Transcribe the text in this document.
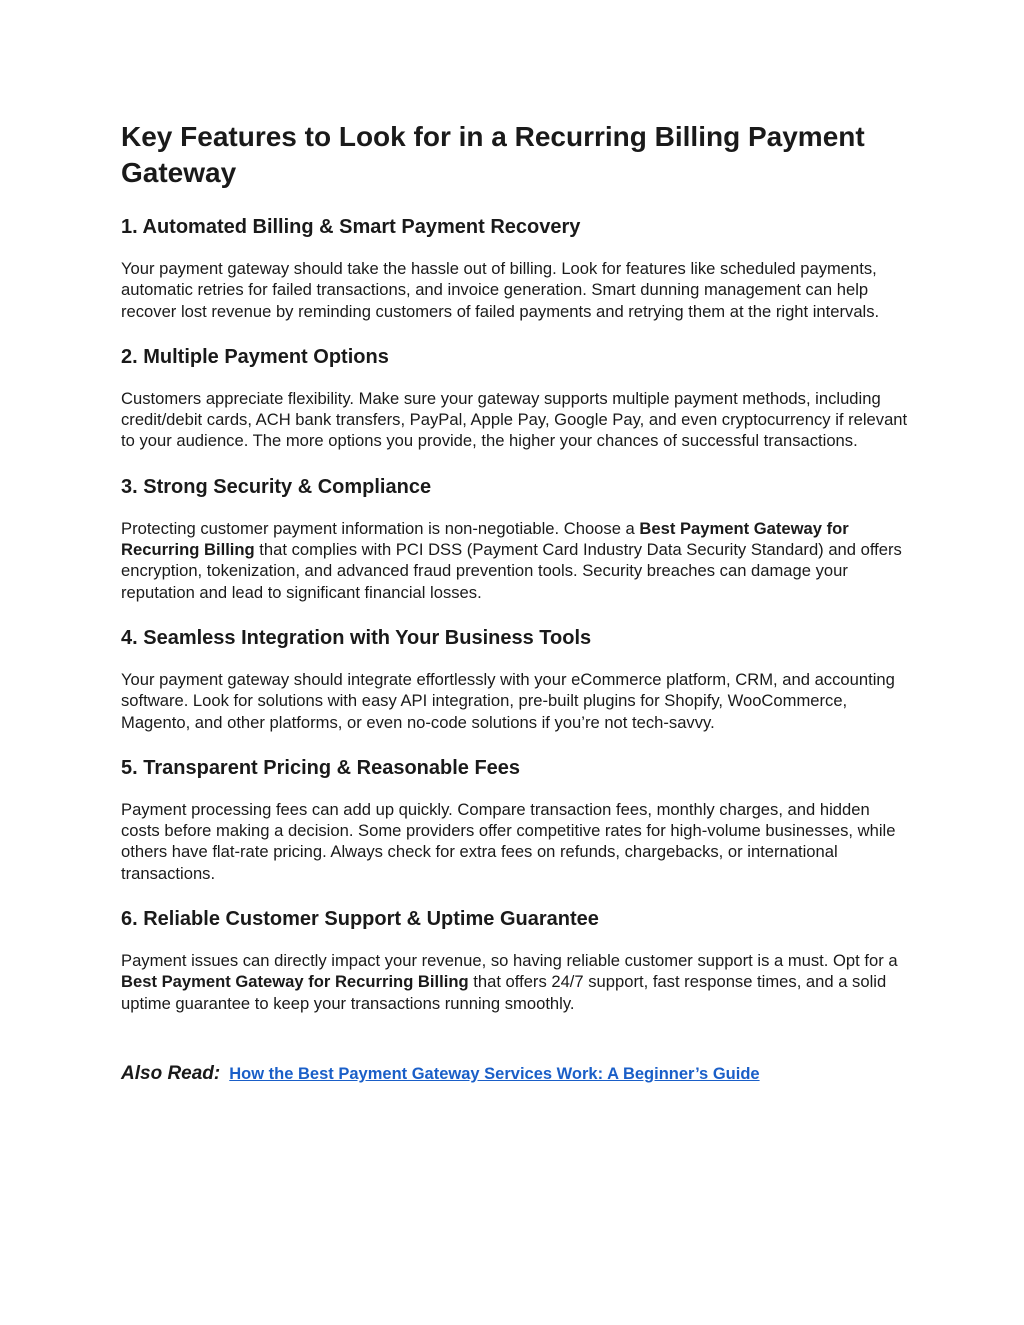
Key Features to Look for in a Recurring Billing Payment Gateway
1. Automated Billing & Smart Payment Recovery

Your payment gateway should take the hassle out of billing. Look for features like scheduled payments, automatic retries for failed transactions, and invoice generation. Smart dunning management can help recover lost revenue by reminding customers of failed payments and retrying them at the right intervals.

2. Multiple Payment Options

Customers appreciate flexibility. Make sure your gateway supports multiple payment methods, including credit/debit cards, ACH bank transfers, PayPal, Apple Pay, Google Pay, and even cryptocurrency if relevant to your audience. The more options you provide, the higher your chances of successful transactions.

3. Strong Security & Compliance

Protecting customer payment information is non-negotiable. Choose a Best Payment Gateway for Recurring Billing that complies with PCI DSS (Payment Card Industry Data Security Standard) and offers encryption, tokenization, and advanced fraud prevention tools. Security breaches can damage your reputation and lead to significant financial losses.

4. Seamless Integration with Your Business Tools

Your payment gateway should integrate effortlessly with your eCommerce platform, CRM, and accounting software. Look for solutions with easy API integration, pre-built plugins for Shopify, WooCommerce, Magento, and other platforms, or even no-code solutions if you’re not tech-savvy.

5. Transparent Pricing & Reasonable Fees

Payment processing fees can add up quickly. Compare transaction fees, monthly charges, and hidden costs before making a decision. Some providers offer competitive rates for high-volume businesses, while others have flat-rate pricing. Always check for extra fees on refunds, chargebacks, or international transactions.

6. Reliable Customer Support & Uptime Guarantee

Payment issues can directly impact your revenue, so having reliable customer support is a must. Opt for a Best Payment Gateway for Recurring Billing that offers 24/7 support, fast response times, and a solid uptime guarantee to keep your transactions running smoothly.

Also Read: How the Best Payment Gateway Services Work: A Beginner’s Guide
